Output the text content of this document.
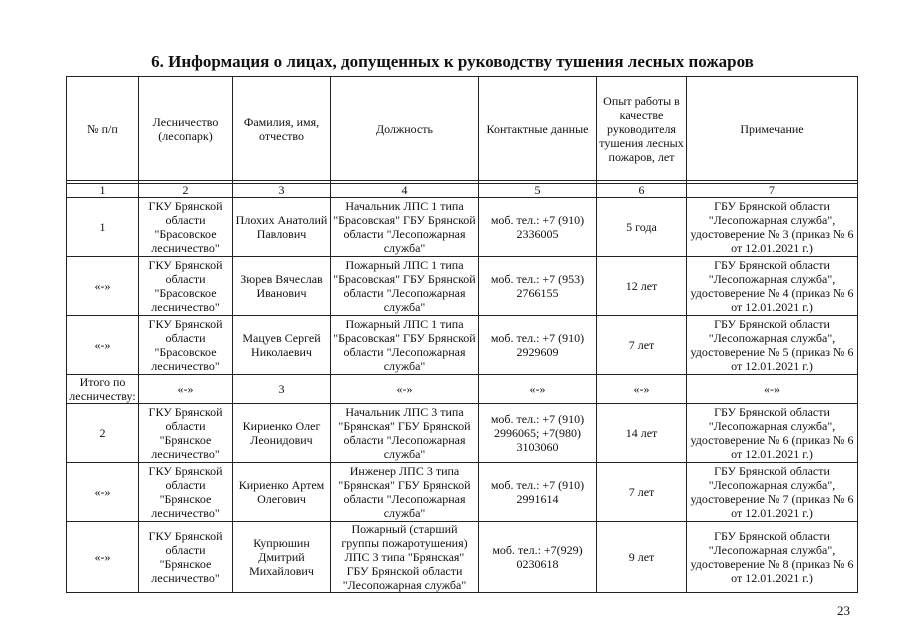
6. Информация о лицах, допущенных к руководству тушения лесных пожаров
№ п/п	Лесничество (лесопарк)	Фамилия, имя, отчество	Должность	Контактные данные	Опыт работы в качестве руководителя тушения лесных пожаров, лет	Примечание

1	2	3	4	5	6	7
1	ГКУ Брянской области "Брасовское лесничество"	Плохих Анатолий Павлович	Начальник ЛПС 1 типа "Брасовская" ГБУ Брянской области "Лесопожарная служба"	моб. тел.: +7 (910) 2336005	5 года	ГБУ Брянской области "Лесопожарная служба", удостоверение № 3 (приказ № 6 от 12.01.2021 г.)
«-»	ГКУ Брянской области "Брасовское лесничество"	Зюрев Вячеслав Иванович	Пожарный ЛПС 1 типа "Брасовская" ГБУ Брянской области "Лесопожарная служба"	моб. тел.: +7 (953) 2766155	12 лет	ГБУ Брянской области "Лесопожарная служба", удостоверение № 4 (приказ № 6 от 12.01.2021 г.)
«-»	ГКУ Брянской области "Брасовское лесничество"	Мацуев Сергей Николаевич	Пожарный ЛПС 1 типа "Брасовская" ГБУ Брянской области "Лесопожарная служба"	моб. тел.: +7 (910) 2929609	7 лет	ГБУ Брянской области "Лесопожарная служба", удостоверение № 5 (приказ № 6 от 12.01.2021 г.)
Итого по лесничеству:	«-»	3	«-»	«-»	«-»	«-»
2	ГКУ Брянской области "Брянское лесничество"	Кириенко Олег Леонидович	Начальник ЛПС 3 типа "Брянская" ГБУ Брянской области "Лесопожарная служба"	моб. тел.: +7 (910) 2996065; +7(980) 3103060	14 лет	ГБУ Брянской области "Лесопожарная служба", удостоверение № 6 (приказ № 6 от 12.01.2021 г.)
«-»	ГКУ Брянской области "Брянское лесничество"	Кириенко Артем Олегович	Инженер ЛПС 3 типа "Брянская" ГБУ Брянской области "Лесопожарная служба"	моб. тел.: +7 (910) 2991614	7 лет	ГБУ Брянской области "Лесопожарная служба", удостоверение № 7 (приказ № 6 от 12.01.2021 г.)
«-»	ГКУ Брянской области "Брянское лесничество"	Купрюшин Дмитрий Михайлович	Пожарный (старший группы пожаротушения) ЛПС 3 типа "Брянская" ГБУ Брянской области "Лесопожарная служба"	моб. тел.: +7(929) 0230618	9 лет	ГБУ Брянской области "Лесопожарная служба", удостоверение № 8 (приказ № 6 от 12.01.2021 г.)
23
